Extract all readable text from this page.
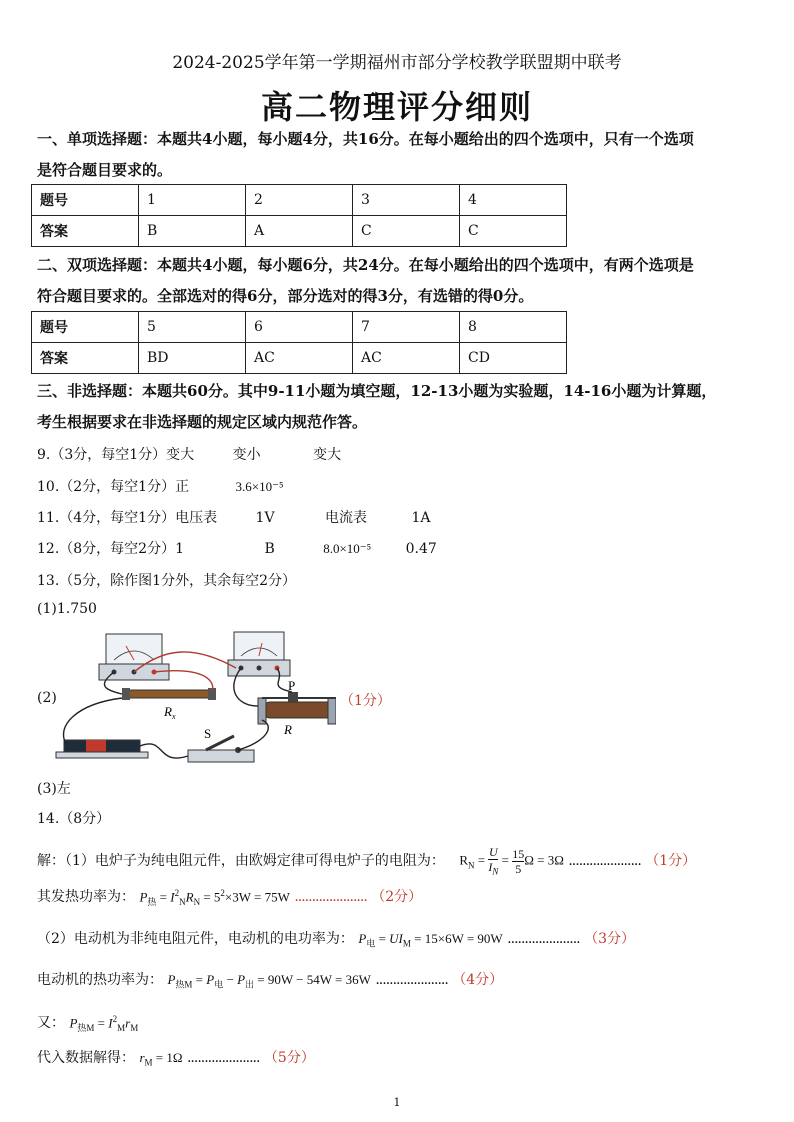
2024-2025学年第一学期福州市部分学校教学联盟期中联考
高二物理评分细则
一、单项选择题：本题共4小题，每小题4分，共16分。在每小题给出的四个选项中，只有一个选项
是符合题目要求的。
题号	1	2	3	4
答案	B	A	C	C
二、双项选择题：本题共4小题，每小题6分，共24分。在每小题给出的四个选项中，有两个选项是
符合题目要求的。全部选对的得6分，部分选对的得3分，有选错的得0分。
题号	5	6	7	8
答案	BD	AC	AC	CD
三、非选择题：本题共60分。其中9-11小题为填空题，12-13小题为实验题，14-16小题为计算题，
考生根据要求在非选择题的规定区域内规范作答。
9.（3分，每空1分）变大	变小	变大
10.（2分，每空1分）正	3.6×10⁻⁵
11.（4分，每空1分）电压表	1V	电流表	1A
12.（8分，每空2分）1	B	8.0×10⁻⁵ 0.47
13.（5分，除作图1分外，其余每空2分）
(1)1.750
(2)	（1分）
$R_x$
P
R
S
(3)左
14.（8分）
解：（1）电炉子为纯电阻元件，由欧姆定律可得电炉子的电阻为： $R_N = \frac{U}{I_N} = \frac{15}{5}$ Ω = 3Ω ..................... （1分）
其发热功率为： $P_热 = I^2_NR_N = 5^2\times 3W = 75W$ ..................... （2分）
（2）电动机为非纯电阻元件，电动机的电功率为： $P_电 = UI_M = 15\times 6W = 90W$ ..................... （3分）
电动机的热功率为： $P_{热M} = P_电 - P_出 = 90W - 54W = 36W$ ..................... （4分）
又： $P_{热M} = I^2_Mr_M$
代入数据解得： $r_M = 1\Omega$ ..................... （5分）
1
